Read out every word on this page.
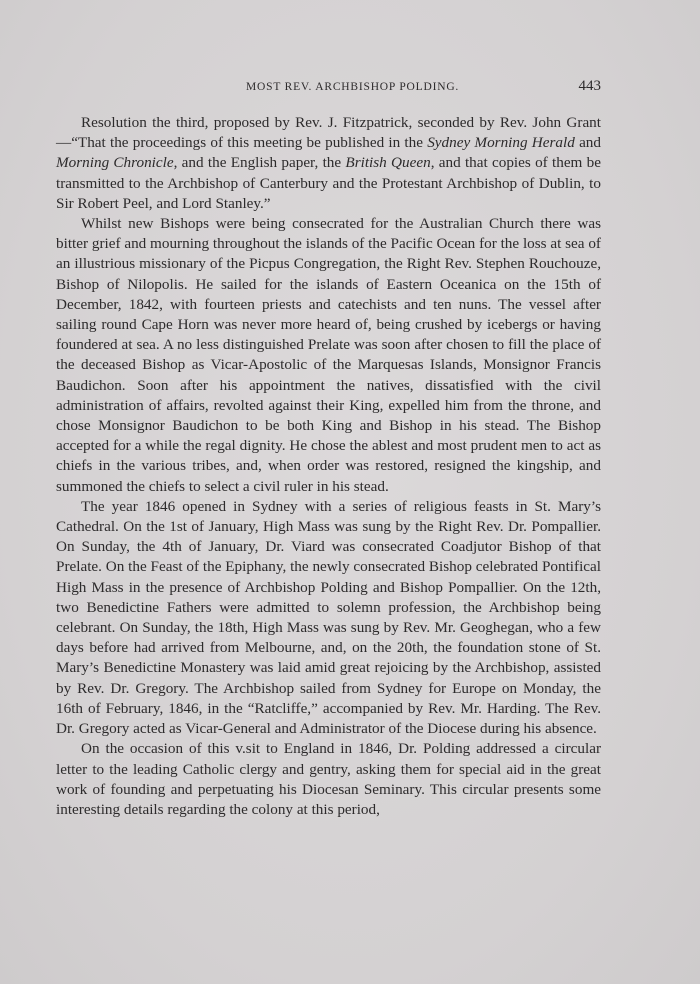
MOST REV. ARCHBISHOP POLDING.	443

Resolution the third, proposed by Rev. J. Fitzpatrick, seconded by Rev. John Grant—“That the proceedings of this meeting be published in the Sydney Morning Herald and Morning Chronicle, and the English paper, the British Queen, and that copies of them be transmitted to the Archbishop of Canterbury and the Protestant Archbishop of Dublin, to Sir Robert Peel, and Lord Stanley.”

Whilst new Bishops were being consecrated for the Australian Church there was bitter grief and mourning throughout the islands of the Pacific Ocean for the loss at sea of an illustrious missionary of the Picpus Congregation, the Right Rev. Stephen Rouchouze, Bishop of Nilopolis. He sailed for the islands of Eastern Oceanica on the 15th of December, 1842, with fourteen priests and catechists and ten nuns. The vessel after sailing round Cape Horn was never more heard of, being crushed by icebergs or having foundered at sea. A no less distinguished Prelate was soon after chosen to fill the place of the deceased Bishop as Vicar-Apostolic of the Marquesas Islands, Monsignor Francis Baudichon. Soon after his appointment the natives, dissatisfied with the civil administration of affairs, revolted against their King, expelled him from the throne, and chose Monsignor Baudichon to be both King and Bishop in his stead. The Bishop accepted for a while the regal dignity. He chose the ablest and most prudent men to act as chiefs in the various tribes, and, when order was restored, resigned the kingship, and summoned the chiefs to select a civil ruler in his stead.

The year 1846 opened in Sydney with a series of religious feasts in St. Mary’s Cathedral. On the 1st of January, High Mass was sung by the Right Rev. Dr. Pompallier. On Sunday, the 4th of January, Dr. Viard was consecrated Coadjutor Bishop of that Prelate. On the Feast of the Epiphany, the newly consecrated Bishop celebrated Pontifical High Mass in the presence of Archbishop Polding and Bishop Pompallier. On the 12th, two Benedictine Fathers were admitted to solemn profession, the Archbishop being celebrant. On Sunday, the 18th, High Mass was sung by Rev. Mr. Geoghegan, who a few days before had arrived from Melbourne, and, on the 20th, the foundation stone of St. Mary’s Benedictine Monastery was laid amid great rejoicing by the Archbishop, assisted by Rev. Dr. Gregory. The Archbishop sailed from Sydney for Europe on Monday, the 16th of February, 1846, in the “Ratcliffe,” accompanied by Rev. Mr. Harding. The Rev. Dr. Gregory acted as Vicar-General and Administrator of the Diocese during his absence.

On the occasion of this v.sit to England in 1846, Dr. Polding addressed a circular letter to the leading Catholic clergy and gentry, asking them for special aid in the great work of founding and perpetuating his Diocesan Seminary. This circular presents some interesting details regarding the colony at this period,
